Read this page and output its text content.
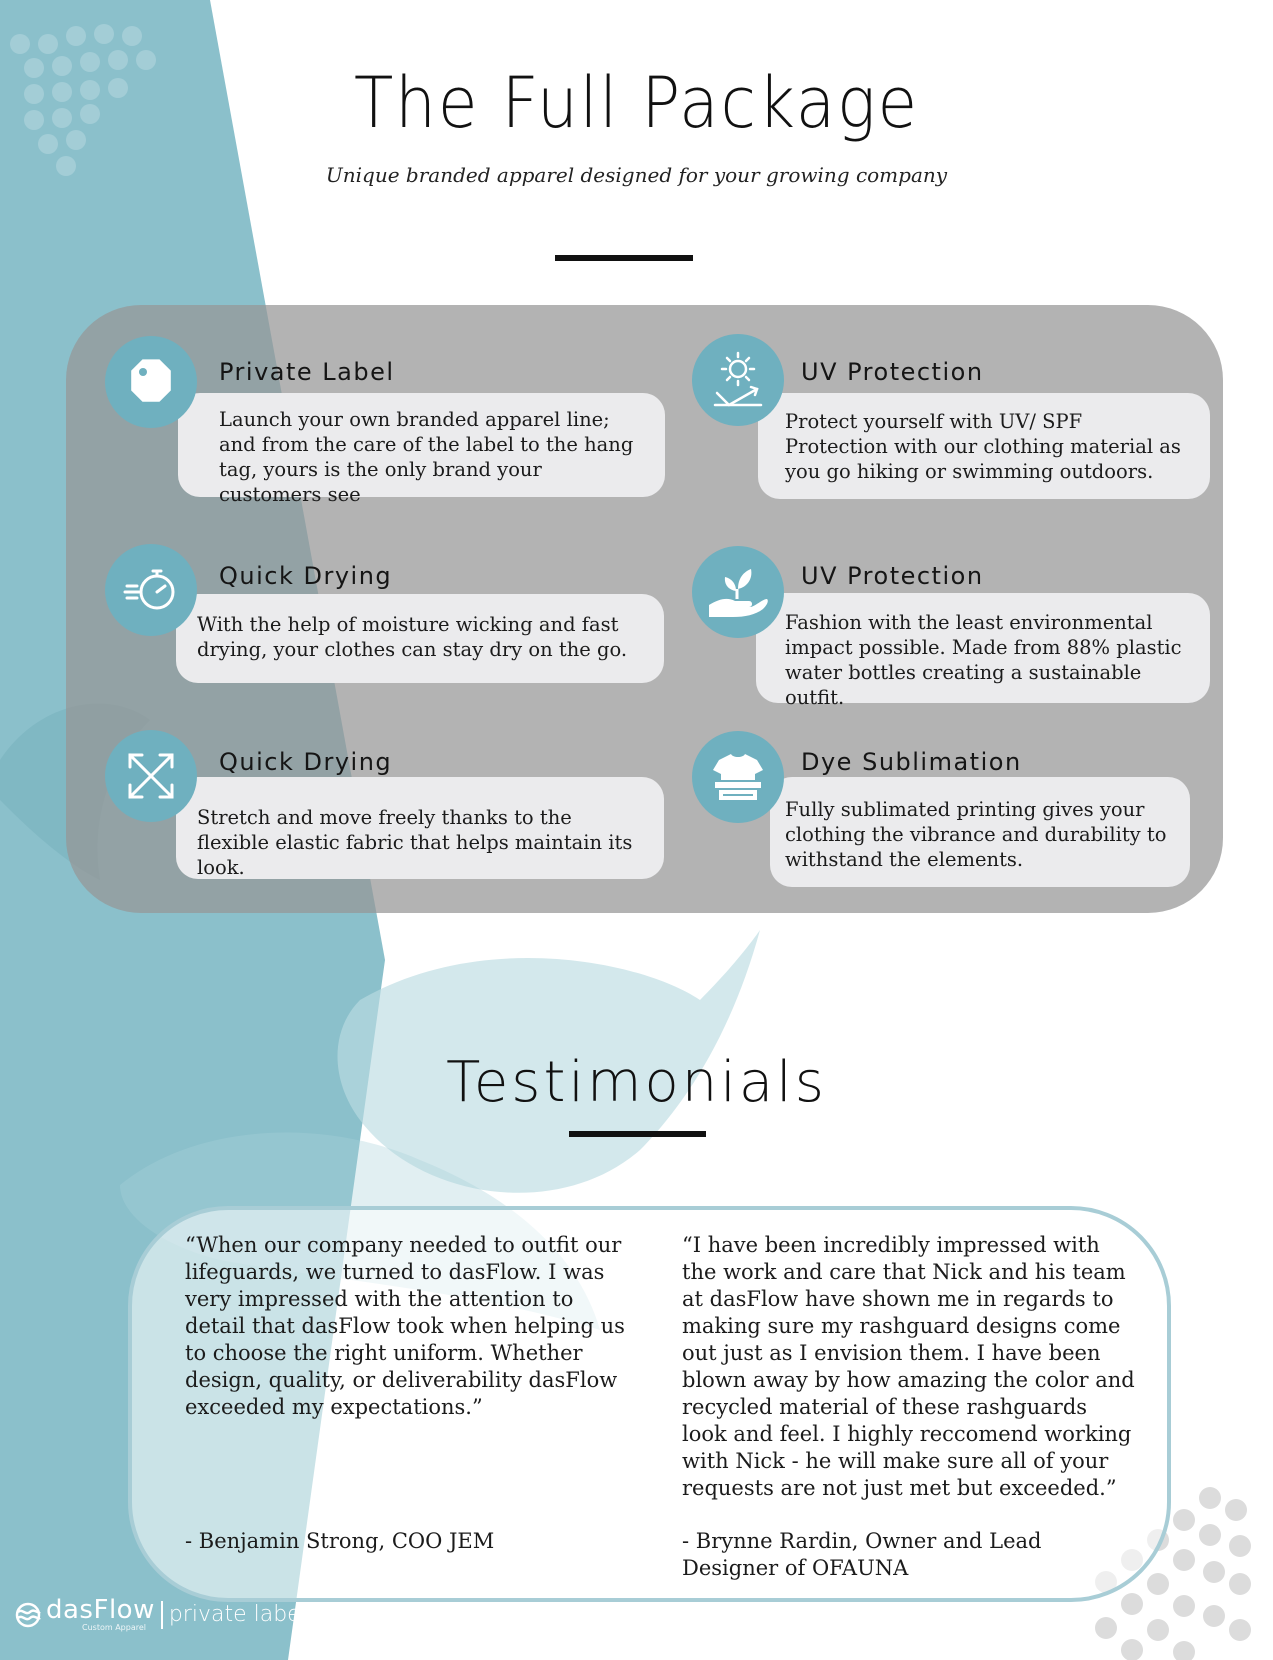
The Full Package
Unique branded apparel designed for your growing company
Launch your own branded apparel line; and from the care of the label to the hang tag, yours is the only brand your customers see
Private Label
Protect yourself with UV/ SPF Protection with our clothing material as you go hiking or swimming outdoors.
UV Protection
With the help of moisture wicking and fast drying, your clothes can stay dry on the go.
Quick Drying
Fashion with the least environmental impact possible. Made from 88% plastic water bottles creating a sustainable outfit.
UV Protection
Stretch and move freely thanks to the flexible elastic fabric that helps maintain its look.
Quick Drying
Fully sublimated printing gives your clothing the vibrance and durability to withstand the elements.
Dye Sublimation
Testimonials
“When our company needed to outfit our lifeguards, we turned to dasFlow. I was very impressed with the attention to detail that dasFlow took when helping us to choose the right uniform. Whether design, quality, or deliverability dasFlow exceeded my expectations.”
- Benjamin Strong, COO JEM
“I have been incredibly impressed with the work and care that Nick and his team at dasFlow have shown me in regards to making sure my rashguard designs come out just as I envision them. I have been blown away by how amazing the color and recycled material of these rashguards look and feel. I highly reccomend working with Nick - he will make sure all of your requests are not just met but exceeded.”
- Brynne Rardin, Owner and Lead Designer of OFAUNA
dasFlow
Custom Apparel
private label
